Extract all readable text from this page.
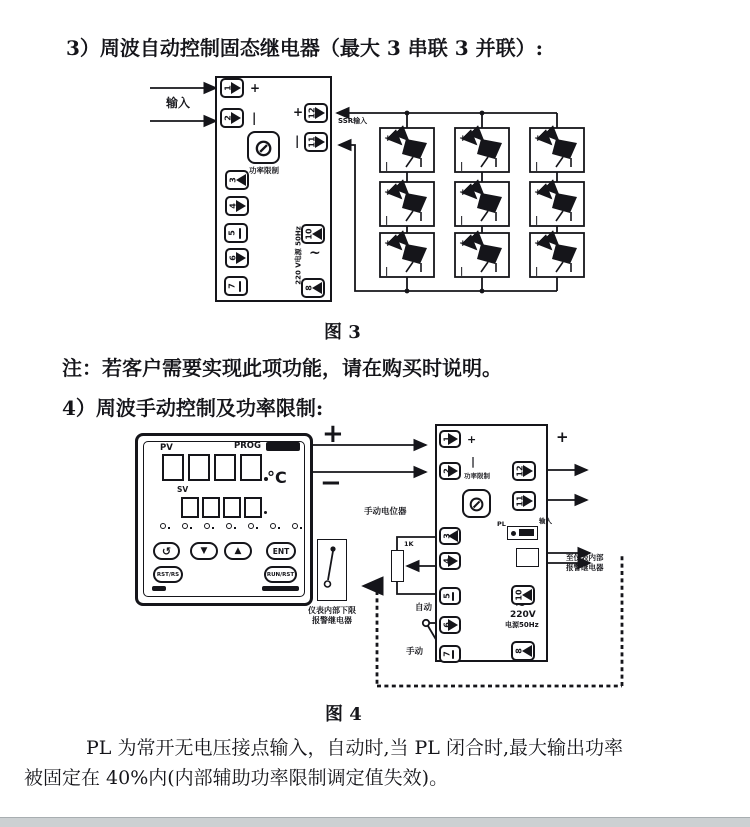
3）周波自动控制固态继电器（最大 3 串联 3 并联）:
图 3
注：若客户需要实现此项功能，请在购买时说明。
4）周波手动控制及功率限制:
图 4
PL 为常开无电压接点输入，自动时,当 PL 闭合时,最大输出功率
被固定在 40%内(内部辅助功率限制调定值失效)。
+
| 输入
SSR输入
1
2
3
4
5
6
7
+
|
⊘
功率限制
+
|
12
11
10
~
8
220 V电源 50Hz
PV	PROG
°C
SV
↺	▼	▲	ENT
RST/RS	RUN/RST
+
−
仪表内部下限
报警继电器
手动电位器
1K
自动
手动
1
2
3
4
5
6
7
+
|
功率限制
⊘
12
11
+
PL	输入
至仪表内部
报警继电器
10
~
220V
电源50Hz
8
